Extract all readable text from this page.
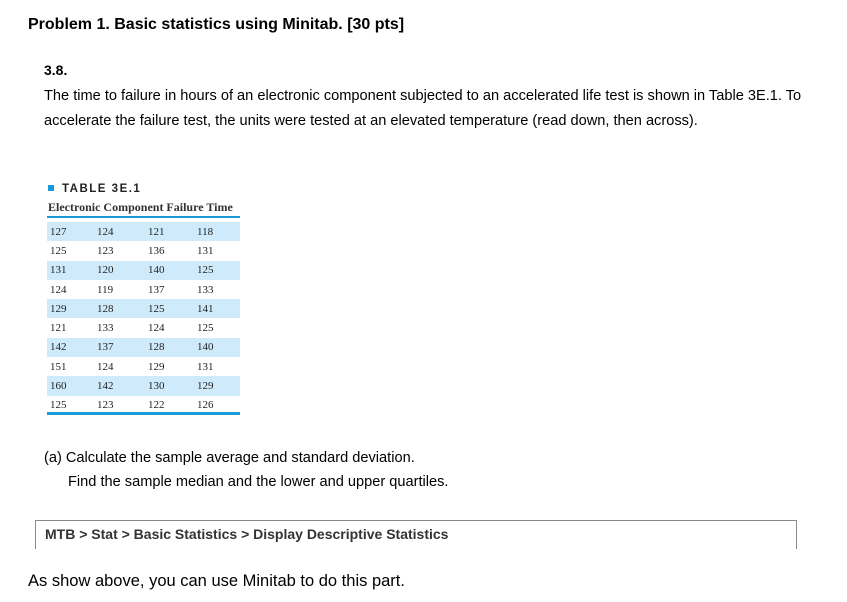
Problem 1. Basic statistics using Minitab. [30 pts]
3.8.
The time to failure in hours of an electronic component subjected to an accelerated life test is shown in Table 3E.1. To accelerate the failure test, the units were tested at an elevated temperature (read down, then across).
TABLE 3E.1
Electronic Component Failure Time
127	124	121	118
125	123	136	131
131	120	140	125
124	119	137	133
129	128	125	141
121	133	124	125
142	137	128	140
151	124	129	131
160	142	130	129
125	123	122	126
(a) Calculate the sample average and standard deviation.
Find the sample median and the lower and upper quartiles.
MTB > Stat > Basic Statistics > Display Descriptive Statistics
As show above, you can use Minitab to do this part.
